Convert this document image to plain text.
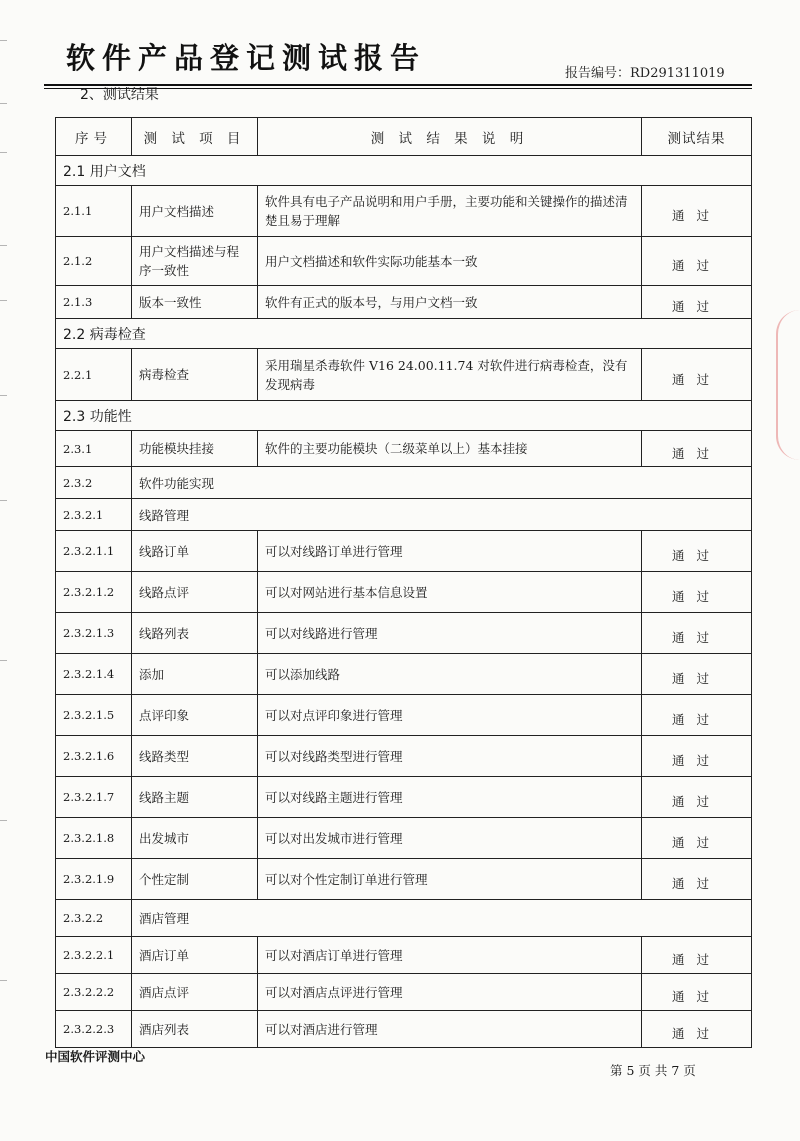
软件产品登记测试报告	报告编号：RD291311019
2、测试结果
序号	测 试 项 目	测 试 结 果 说 明	测试结果
2.1 用户文档			
2.1.1	用户文档描述	软件具有电子产品说明和用户手册，主要功能和关键操作的描述清楚且易于理解	通过
2.1.2	用户文档描述与程序一致性	用户文档描述和软件实际功能基本一致	通过
2.1.3	版本一致性	软件有正式的版本号，与用户文档一致	通过
2.2 病毒检查			
2.2.1	病毒检查	采用瑞星杀毒软件 V16 24.00.11.74 对软件进行病毒检查，没有发现病毒	通过
2.3 功能性			
2.3.1	功能模块挂接	软件的主要功能模块（二级菜单以上）基本挂接	通过
2.3.2	软件功能实现		
2.3.2.1	线路管理		
2.3.2.1.1	线路订单	可以对线路订单进行管理	通过
2.3.2.1.2	线路点评	可以对网站进行基本信息设置	通过
2.3.2.1.3	线路列表	可以对线路进行管理	通过
2.3.2.1.4	添加	可以添加线路	通过
2.3.2.1.5	点评印象	可以对点评印象进行管理	通过
2.3.2.1.6	线路类型	可以对线路类型进行管理	通过
2.3.2.1.7	线路主题	可以对线路主题进行管理	通过
2.3.2.1.8	出发城市	可以对出发城市进行管理	通过
2.3.2.1.9	个性定制	可以对个性定制订单进行管理	通过
2.3.2.2	酒店管理		
2.3.2.2.1	酒店订单	可以对酒店订单进行管理	通过
2.3.2.2.2	酒店点评	可以对酒店点评进行管理	通过
2.3.2.2.3	酒店列表	可以对酒店进行管理	通过
中国软件评测中心
第 5 页 共 7 页
